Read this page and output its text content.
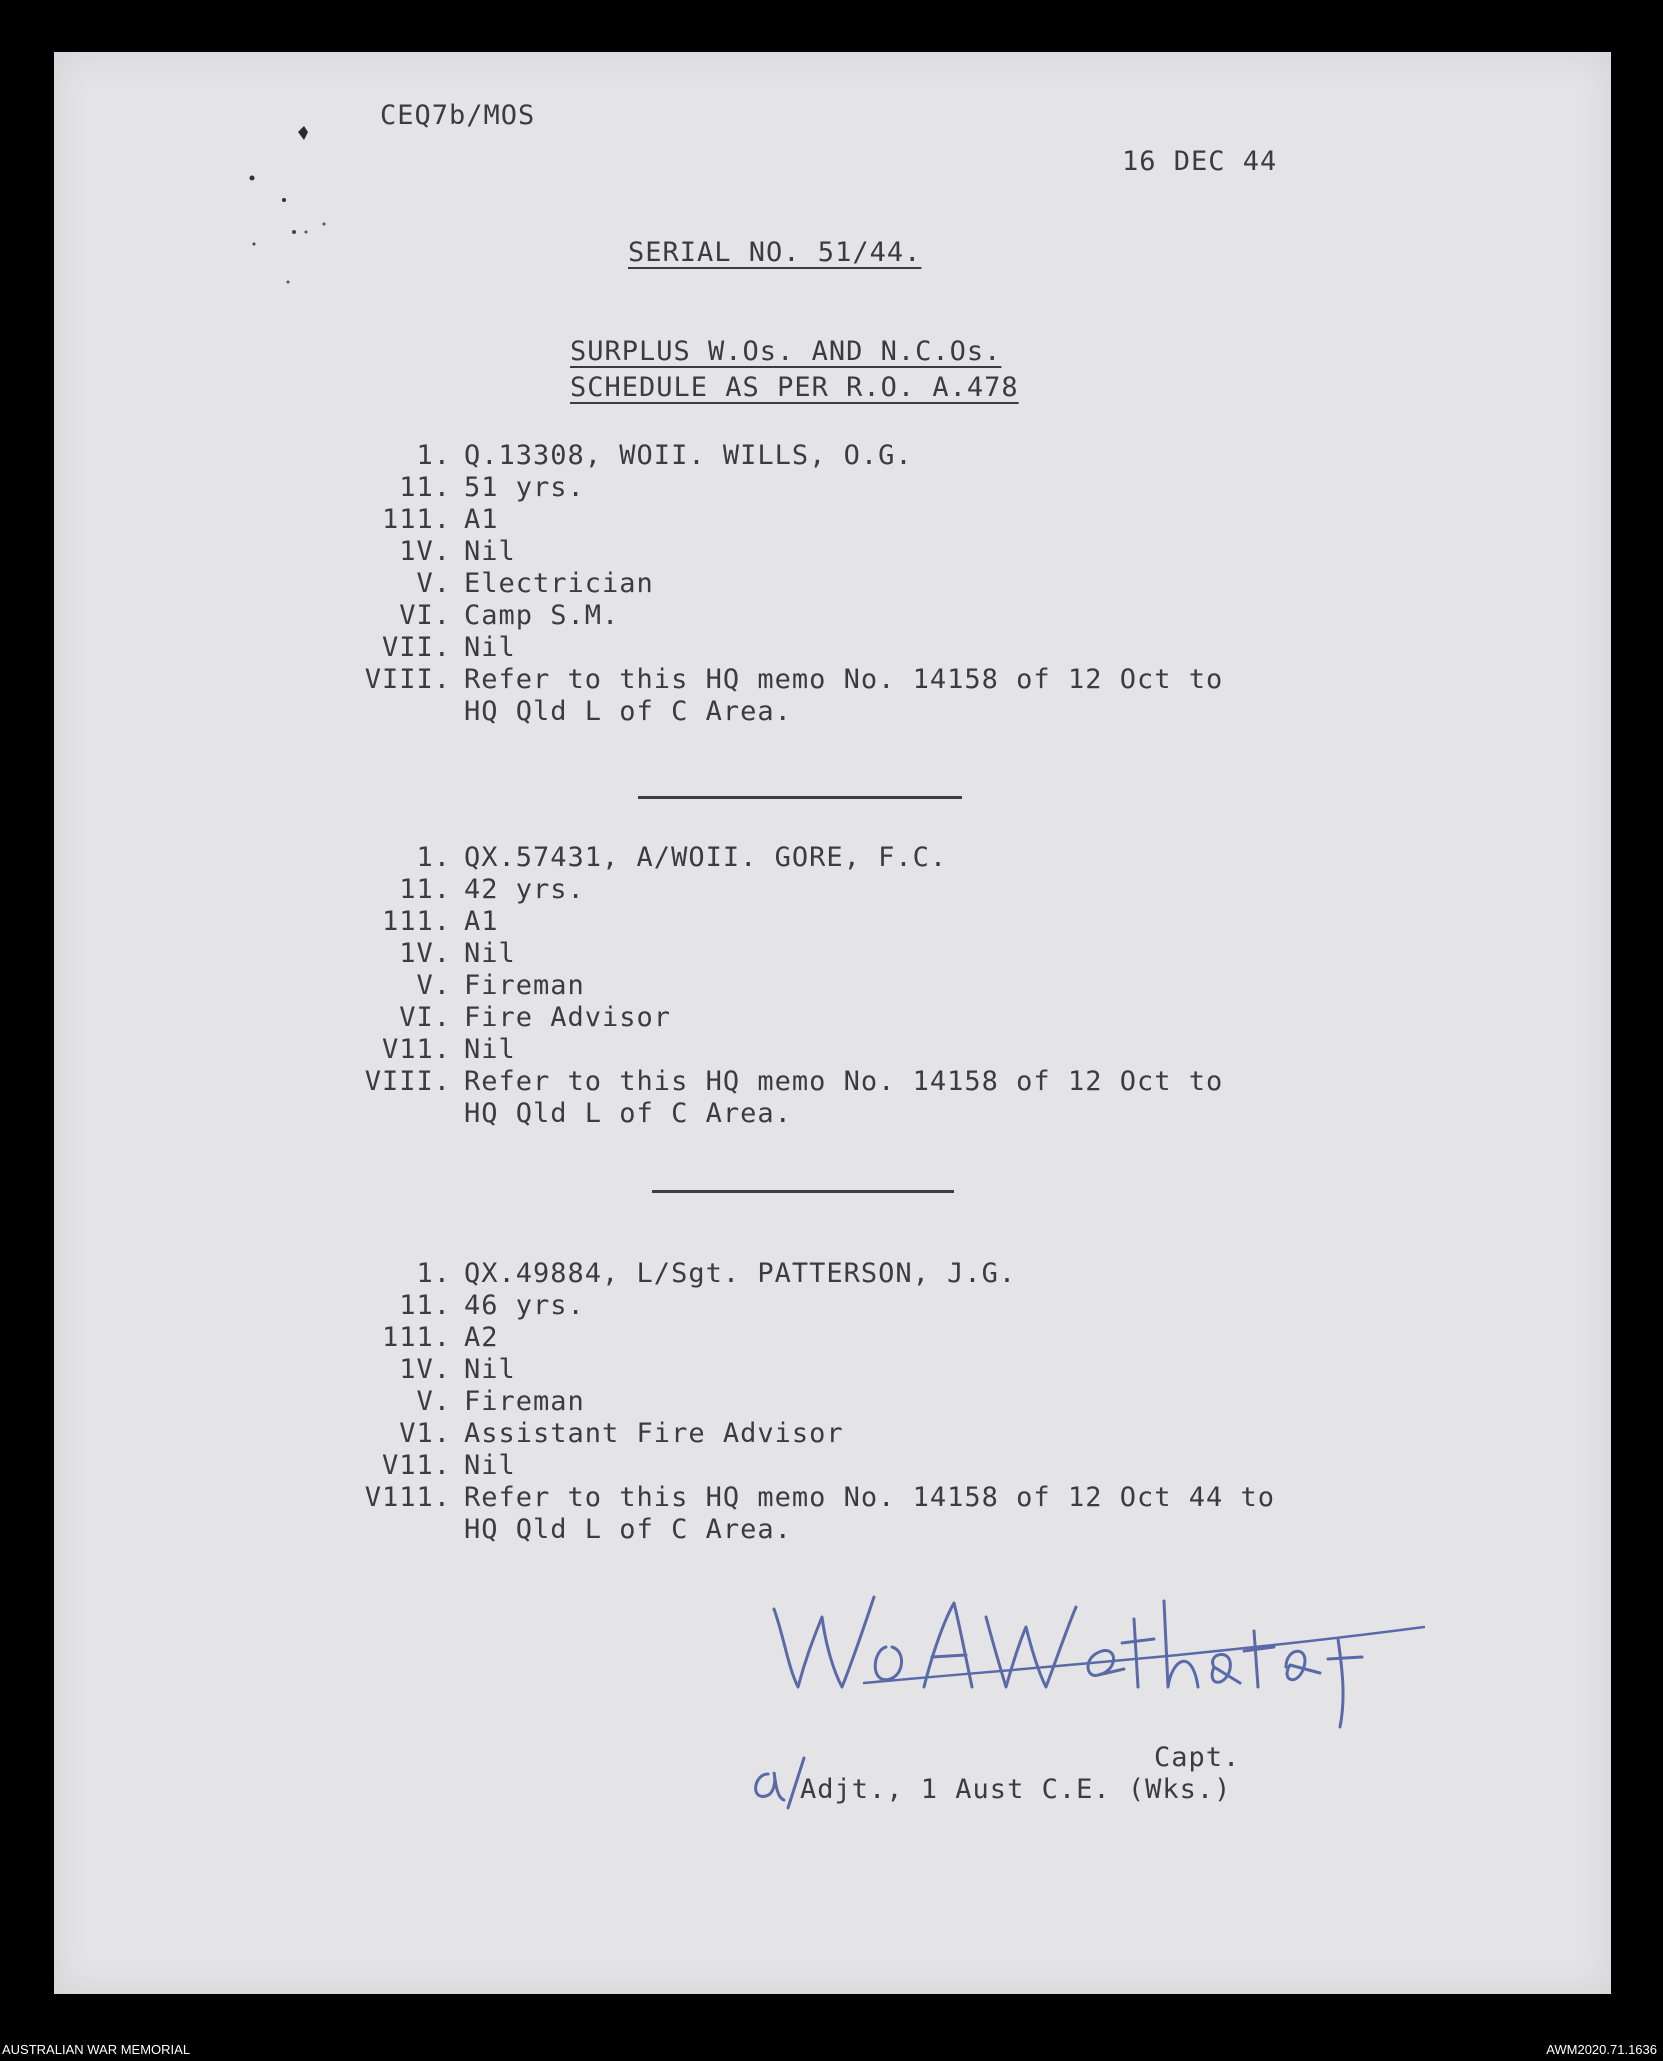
CEQ7b/MOS
16 DEC 44
SERIAL NO. 51/44.
SURPLUS W.Os. AND N.C.Os.
SCHEDULE AS PER R.O. A.478
1. Q.13308, WOII. WILLS, O.G.
11. 51 yrs.
111. A1
1V. Nil
V. Electrician
VI. Camp S.M.
VII. Nil
VIII. Refer to this HQ memo No. 14158 of 12 Oct to
HQ Qld L of C Area.
1. QX.57431, A/WOII. GORE, F.C.
11. 42 yrs.
111. A1
1V. Nil
V. Fireman
VI. Fire Advisor
V11. Nil
VIII. Refer to this HQ memo No. 14158 of 12 Oct to
HQ Qld L of C Area.
1. QX.49884, L/Sgt. PATTERSON, J.G.
11. 46 yrs.
111. A2
1V. Nil
V. Fireman
V1. Assistant Fire Advisor
V11. Nil
V111. Refer to this HQ memo No. 14158 of 12 Oct 44 to
HQ Qld L of C Area.
Capt.
Adjt., 1 Aust C.E. (Wks.)
AUSTRALIAN WAR MEMORIAL	AWM2020.71.1636
